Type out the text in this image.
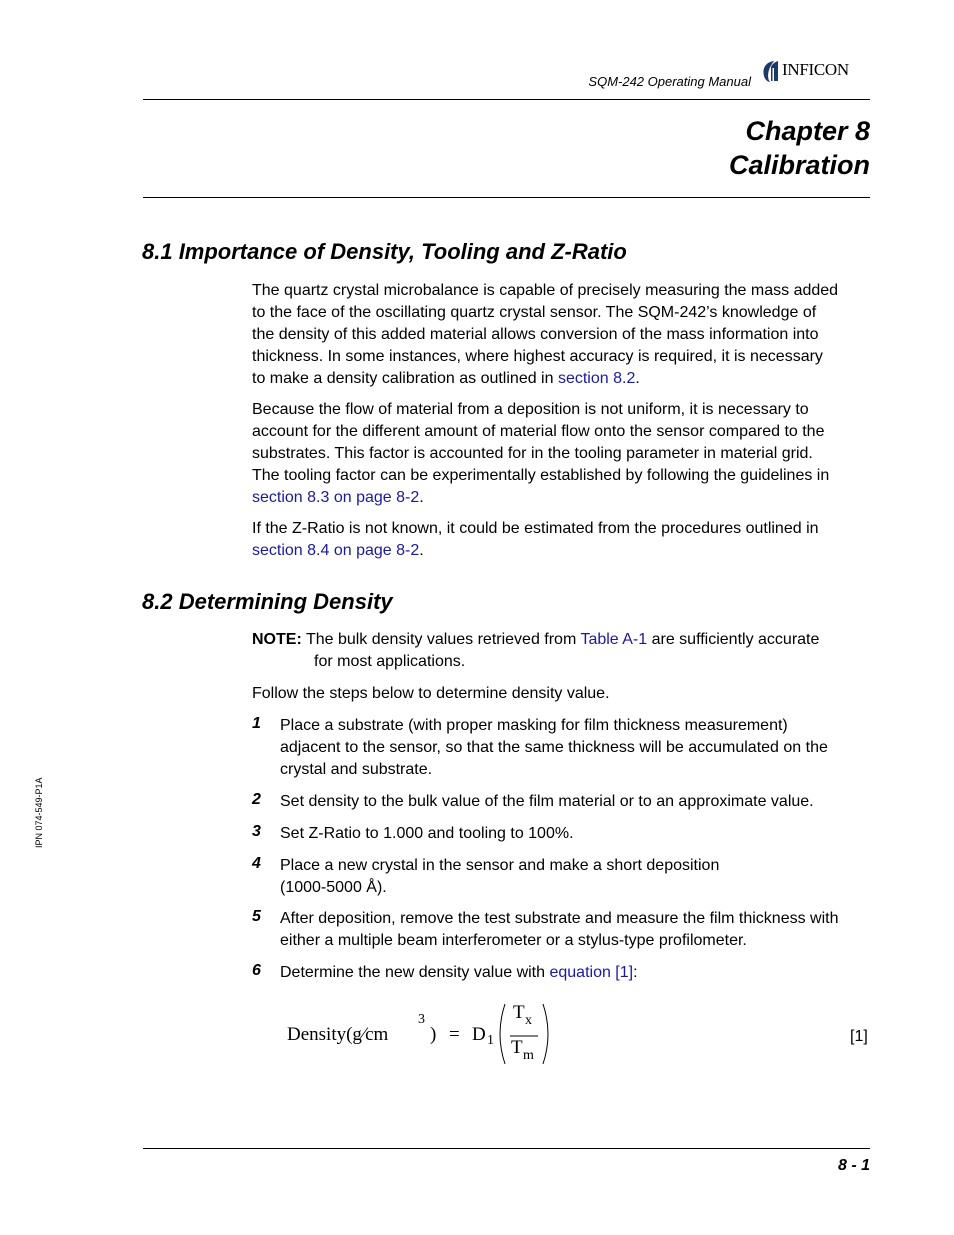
SQM-242 Operating Manual
INFICON
Chapter 8
Calibration
8.1 Importance of Density, Tooling and Z-Ratio
The quartz crystal microbalance is capable of precisely measuring the mass added
to the face of the oscillating quartz crystal sensor. The SQM-242’s knowledge of
the density of this added material allows conversion of the mass information into
thickness. In some instances, where highest accuracy is required, it is necessary
to make a density calibration as outlined in section 8.2.
Because the flow of material from a deposition is not uniform, it is necessary to
account for the different amount of material flow onto the sensor compared to the
substrates. This factor is accounted for in the tooling parameter in material grid.
The tooling factor can be experimentally established by following the guidelines in
section 8.3 on page 8-2.
If the Z-Ratio is not known, it could be estimated from the procedures outlined in
section 8.4 on page 8-2.
8.2 Determining Density
NOTE: The bulk density values retrieved from Table A-1 are sufficiently accurate
for most applications.
Follow the steps below to determine density value.
1 Place a substrate (with proper masking for film thickness measurement)
adjacent to the sensor, so that the same thickness will be accumulated on the
crystal and substrate.
2 Set density to the bulk value of the film material or to an approximate value.
3 Set Z-Ratio to 1.000 and tooling to 100%.
4 Place a new crystal in the sensor and make a short deposition
(1000-5000 Å).
5 After deposition, remove the test substrate and measure the film thickness with
either a multiple beam interferometer or a stylus-type profilometer.
6 Determine the new density value with equation [1]:
Density(g⁄cm
3
) = D 1
T x
T m
[1]
IPN 074-549-P1A
8 - 1
